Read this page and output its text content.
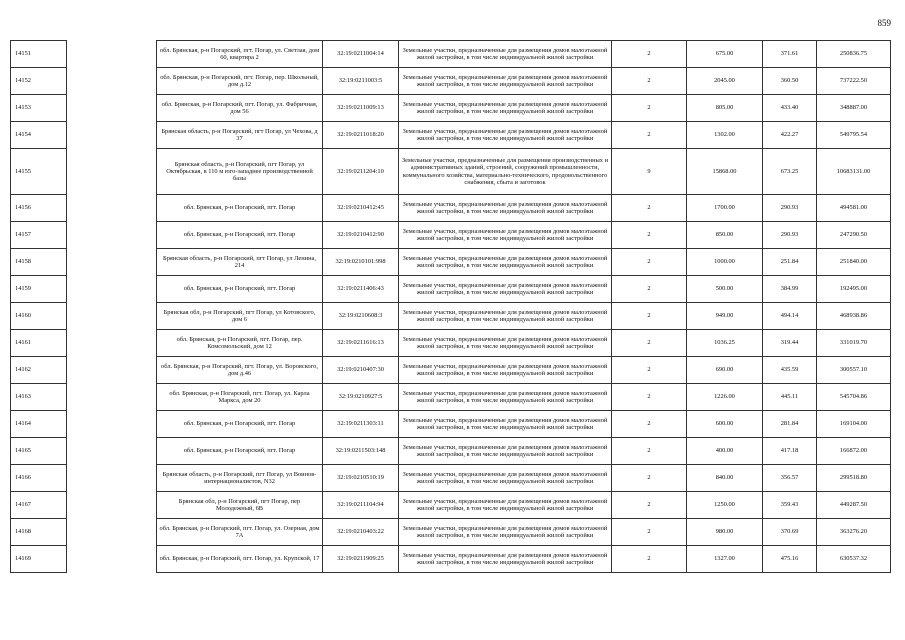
859
14151		обл. Брянская, р-н Погарский, пгт. Погар, ул. Светлая, дом 60, квартира 2	32:19:0211004:14	Земельные участки, предназначенные для размещения домов малоэтажной жилой застройки, в том числе индивидуальной жилой застройки	2	675.00	371.61	250836.75
14152		обл. Брянская, р-н Погарский, пгт. Погар, пер. Школьный, дом д.12	32:19:0211003:5	Земельные участки, предназначенные для размещения домов малоэтажной жилой застройки, в том числе индивидуальной жилой застройки	2	2045.00	360.50	737222.50
14153		обл. Брянская, р-н Погарский, пгт. Погар, ул. Фабричная, дом 56	32:19:0211009:13	Земельные участки, предназначенные для размещения домов малоэтажной жилой застройки, в том числе индивидуальной жилой застройки	2	805.00	433.40	348887.00
14154		Брянская область, р-н Погарский, пгт Погар, ул Чехова, д 37	32:19:0211018:20	Земельные участки, предназначенные для размещения домов малоэтажной жилой застройки, в том числе индивидуальной жилой застройки	2	1302.00	422.27	549795.54
14155		Брянская область, р-н Погарский, пгт Погар, ул Октябрьская, в 110 м юго-западнее производственной базы	32:19:0211204:10	Земельные участки, предназначенные для размещения производственных и административных зданий, строений, сооружений промышленности, коммунального хозяйства, материально-технического, продовольственного снабжения, сбыта и заготовок	9	15868.00	673.25	10683131.00
14156		обл. Брянская, р-н Погарский, пгт. Погар	32:19:0210412:45	Земельные участки, предназначенные для размещения домов малоэтажной жилой застройки, в том числе индивидуальной жилой застройки	2	1700.00	290.93	494581.00
14157		обл. Брянская, р-н Погарский, пгт. Погар	32:19:0210412:90	Земельные участки, предназначенные для размещения домов малоэтажной жилой застройки, в том числе индивидуальной жилой застройки	2	850.00	290.93	247290.50
14158		Брянская область, р-н Погарский, пгт Погар, ул Ленина, 214	32:19:0210101:998	Земельные участки, предназначенные для размещения домов малоэтажной жилой застройки, в том числе индивидуальной жилой застройки	2	1000.00	251.84	251840.00
14159		обл. Брянская, р-н Погарский, пгт. Погар	32:19:0211406:43	Земельные участки, предназначенные для размещения домов малоэтажной жилой застройки, в том числе индивидуальной жилой застройки	2	500.00	384.99	192495.00
14160		Брянская обл, р-н Погарский, пгт Погар, ул Котовского, дом 6	32:19:0210608:3	Земельные участки, предназначенные для размещения домов малоэтажной жилой застройки, в том числе индивидуальной жилой застройки	2	949.00	494.14	468938.86
14161		обл. Брянская, р-н Погарский, пгт. Погар, пер. Комсомольский, дом 12	32:19:0211616:13	Земельные участки, предназначенные для размещения домов малоэтажной жилой застройки, в том числе индивидуальной жилой застройки	2	1036.25	319.44	331019.70
14162		обл. Брянская, р-н Погарский, пгт. Погар, ул. Воровского, дом д.46	32:19:0210407:30	Земельные участки, предназначенные для размещения домов малоэтажной жилой застройки, в том числе индивидуальной жилой застройки	2	690.00	435.59	300557.10
14163		обл. Брянская, р-н Погарский, пгт. Погар, ул. Карла Маркса, дом 20	32:19:0210927:5	Земельные участки, предназначенные для размещения домов малоэтажной жилой застройки, в том числе индивидуальной жилой застройки	2	1226.00	445.11	545704.86
14164		обл. Брянская, р-н Погарский, пгт. Погар	32:19:0211303:11	Земельные участки, предназначенные для размещения домов малоэтажной жилой застройки, в том числе индивидуальной жилой застройки	2	600.00	281.84	169104.00
14165		обл. Брянская, р-н Погарский, пгт. Погар	32:19:0211503:148	Земельные участки, предназначенные для размещения домов малоэтажной жилой застройки, в том числе индивидуальной жилой застройки	2	400.00	417.18	166872.00
14166		Брянская область, р-н Погарский, пгт Погар, ул Воинов-интернационалистов, N32	32:19:0210510:19	Земельные участки, предназначенные для размещения домов малоэтажной жилой застройки, в том числе индивидуальной жилой застройки	2	840.00	356.57	299518.80
14167		Брянская обл, р-н Погарский, пгт Погар, пер Молодежный, 6В	32:19:0211104:94	Земельные участки, предназначенные для размещения домов малоэтажной жилой застройки, в том числе индивидуальной жилой застройки	2	1250.00	359.43	449287.50
14168		обл. Брянская, р-н Погарский, пгт. Погар, ул. Озерная, дом 7А	32:19:0210403:22	Земельные участки, предназначенные для размещения домов малоэтажной жилой застройки, в том числе индивидуальной жилой застройки	2	980.00	370.69	363276.20
14169		обл. Брянская, р-н Погарский, пгт. Погар, ул. Крупской, 17	32:19:0211909:25	Земельные участки, предназначенные для размещения домов малоэтажной жилой застройки, в том числе индивидуальной жилой застройки	2	1327.00	475.16	630537.32
